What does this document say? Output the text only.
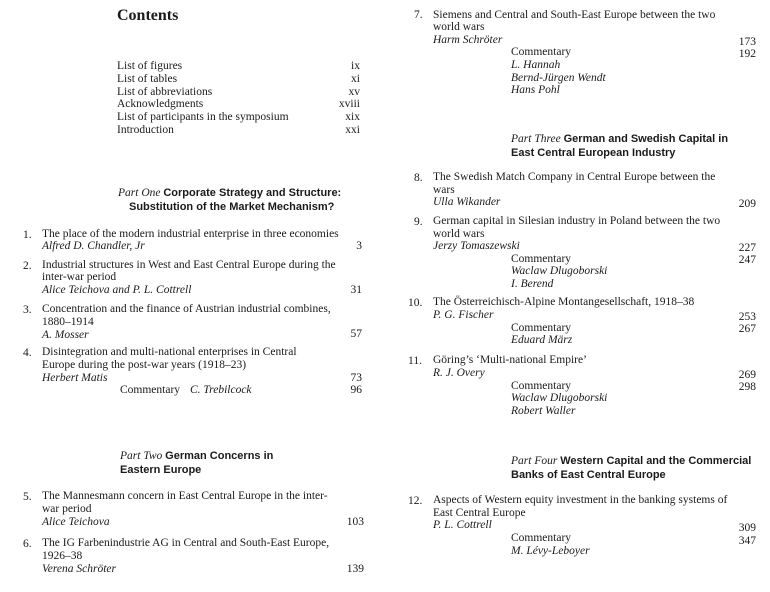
Contents
List of figures	ix
List of tables	xi
List of abbreviations	xv
Acknowledgments	xviii
List of participants in the symposium	xix
Introduction	xxi
Part One Corporate Strategy and Structure:
Substitution of the Market Mechanism?
1. The place of the modern industrial enterprise in three economies
Alfred D. Chandler, Jr	3
2. Industrial structures in West and East Central Europe during the
inter-war period
Alice Teichova and P. L. Cottrell	31
3. Concentration and the finance of Austrian industrial combines,
1880–1914
A. Mosser	57
4. Disintegration and multi-national enterprises in Central
Europe during the post-war years (1918–23)
Herbert Matis	73
Commentary C. Trebilcock	96
Part Two German Concerns in
Eastern Europe
5. The Mannesmann concern in East Central Europe in the inter-
war period
Alice Teichova	103
6. The IG Farbenindustrie AG in Central and South-East Europe,
1926–38
Verena Schröter	139
7. Siemens and Central and South-East Europe between the two
world wars
Harm Schröter	173
Commentary	192
L. Hannah
Bernd-Jürgen Wendt
Hans Pohl
Part Three German and Swedish Capital in
East Central European Industry
8. The Swedish Match Company in Central Europe between the
wars
Ulla Wikander	209
9. German capital in Silesian industry in Poland between the two
world wars
Jerzy Tomaszewski	227
Commentary	247
Waclaw Dlugoborski
I. Berend
10. The Österreichisch-Alpine Montangesellschaft, 1918–38
P. G. Fischer	253
Commentary	267
Eduard März
11. Göring’s ‘Multi-national Empire’
R. J. Overy	269
Commentary	298
Waclaw Dlugoborski
Robert Waller
Part Four Western Capital and the Commercial
Banks of East Central Europe
12. Aspects of Western equity investment in the banking systems of
East Central Europe
P. L. Cottrell	309
Commentary	347
M. Lévy-Leboyer
